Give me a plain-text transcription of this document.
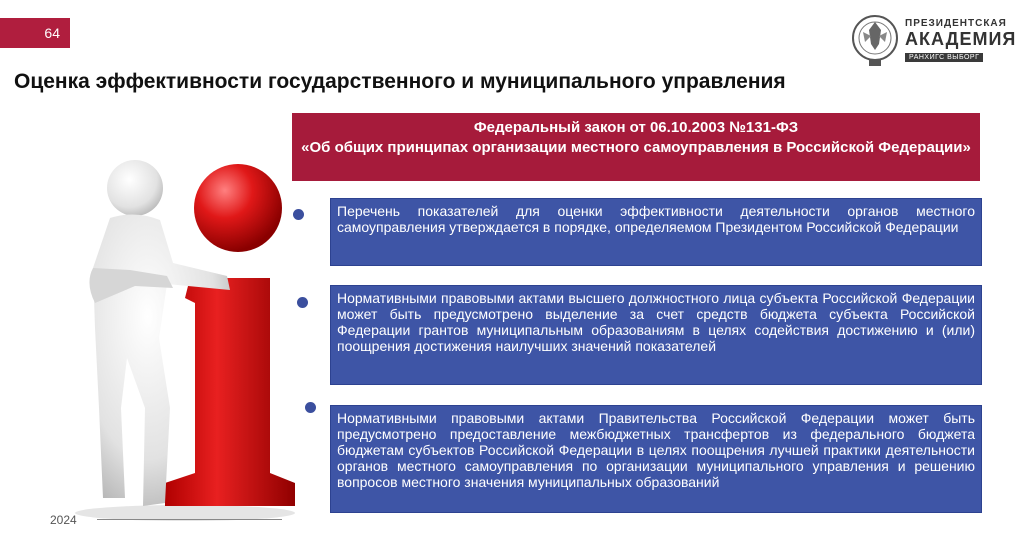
64
ПРЕЗИДЕНТСКАЯ
АКАДЕМИЯ
РАНХИГС ВЫБОРГ
Оценка эффективности государственного и муниципального управления
Федеральный закон от 06.10.2003 №131-ФЗ
«Об общих принципах организации местного самоуправления в Российской Федерации»
Перечень показателей для оценки эффективности деятельности органов местного самоуправления утверждается в порядке, определяемом Президентом Российской Федерации
Нормативными правовыми актами высшего должностного лица субъекта Российской Федерации может быть предусмотрено выделение за счет средств бюджета субъекта Российской Федерации грантов муниципальным образованиям в целях содействия достижению и (или) поощрения достижения наилучших значений показателей
Нормативными правовыми актами Правительства Российской Федерации может быть предусмотрено предоставление межбюджетных трансфертов из федерального бюджета бюджетам субъектов Российской Федерации в целях поощрения лучшей практики деятельности органов местного самоуправления по организации муниципального управления и решению вопросов местного значения муниципальных образований
2024
